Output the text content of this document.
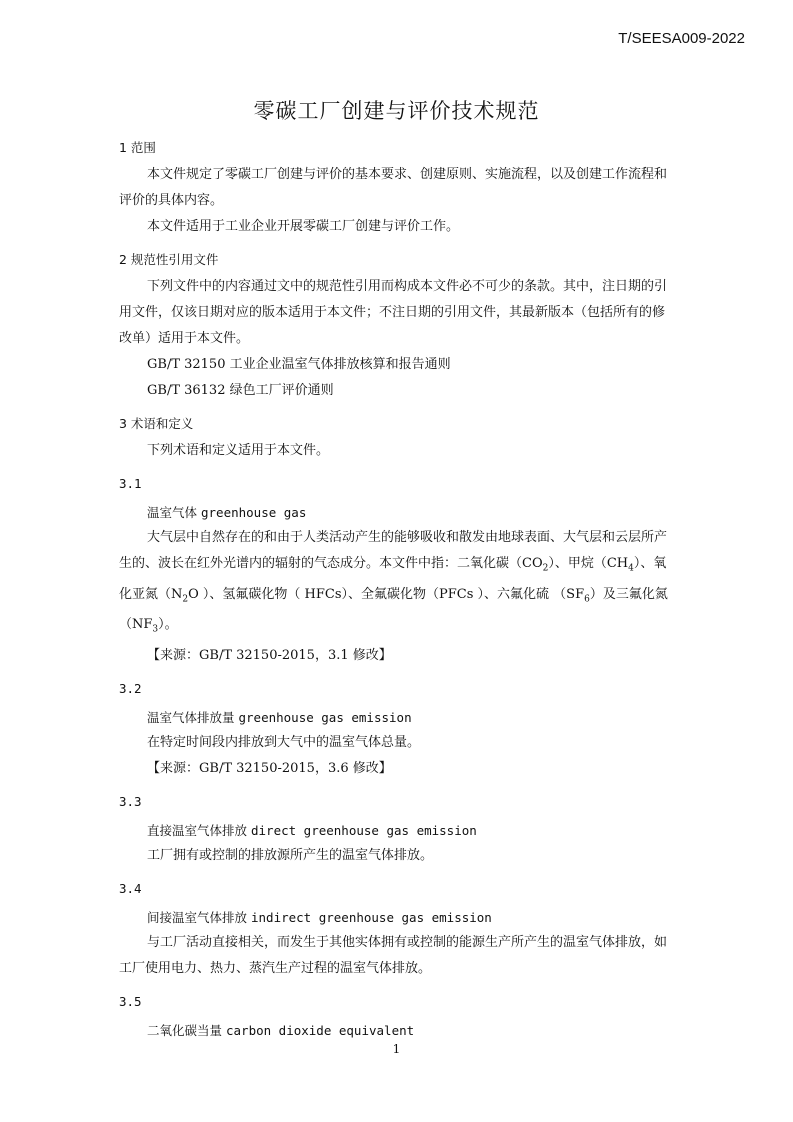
T/SEESA009-2022
零碳工厂创建与评价技术规范

1 范围

本文件规定了零碳工厂创建与评价的基本要求、创建原则、实施流程，以及创建工作流程和评价的具体内容。

本文件适用于工业企业开展零碳工厂创建与评价工作。

2 规范性引用文件

下列文件中的内容通过文中的规范性引用而构成本文件必不可少的条款。其中，注日期的引用文件，仅该日期对应的版本适用于本文件；不注日期的引用文件，其最新版本（包括所有的修改单）适用于本文件。

GB/T 32150 工业企业温室气体排放核算和报告通则

GB/T 36132 绿色工厂评价通则

3 术语和定义

下列术语和定义适用于本文件。

3.1

温室气体 greenhouse gas

大气层中自然存在的和由于人类活动产生的能够吸收和散发由地球表面、大气层和云层所产生的、波长在红外光谱内的辐射的气态成分。本文件中指：二氧化碳$(CO_2)$、甲烷$(CH_4)$、氧化亚氮（$N_2O$ ）、氢氟碳化物（ HFCs）、全氟碳化物（PFCs ）、六氟化硫 $(SF_6)$及三氟化氮$(NF_3)$。

【来源：GB/T 32150-2015，3.1 修改】

3.2

温室气体排放量 greenhouse gas emission

在特定时间段内排放到大气中的温室气体总量。

【来源：GB/T 32150-2015，3.6 修改】

3.3

直接温室气体排放 direct greenhouse gas emission

工厂拥有或控制的排放源所产生的温室气体排放。

3.4

间接温室气体排放 indirect greenhouse gas emission

与工厂活动直接相关，而发生于其他实体拥有或控制的能源生产所产生的温室气体排放，如工厂使用电力、热力、蒸汽生产过程的温室气体排放。

3.5

二氧化碳当量 carbon dioxide equivalent

1
